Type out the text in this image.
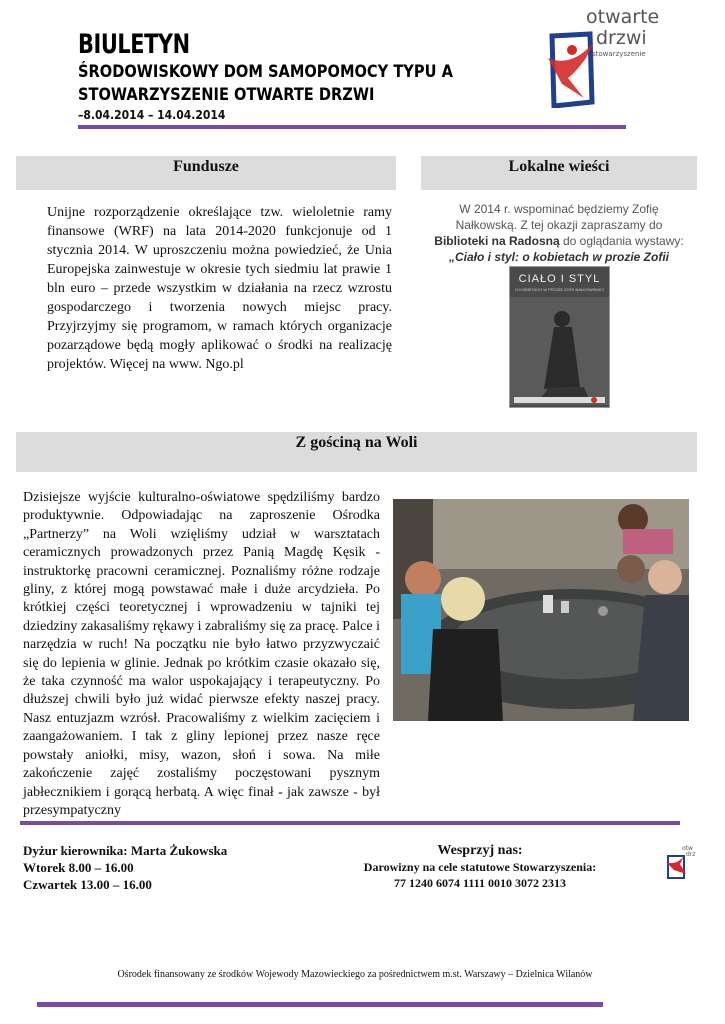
BIULETYN
ŚRODOWISKOWY DOM SAMOPOMOCY TYPU A
STOWARZYSZENIE OTWARTE DRZWI
–8.04.2014 – 14.04.2014
otwarte
drzwi
stowarzyszenie
Fundusze
Unijne rozporządzenie określające tzw. wieloletnie ramy finansowe (WRF) na lata 2014-2020 funkcjonuje od 1 stycznia 2014. W uproszczeniu można powiedzieć, że Unia Europejska zainwestuje w okresie tych siedmiu lat prawie 1 bln euro – przede wszystkim w działania na rzecz wzrostu gospodarczego i tworzenia nowych miejsc pracy. Przyjrzyjmy się programom, w ramach których organizacje pozarządowe będą mogły aplikować o środki na realizację projektów. Więcej na www. Ngo.pl
Lokalne wieści
W 2014 r. wspominać będziemy Zofię
Nałkowską. Z tej okazji zapraszamy do
Biblioteki na Radosną do oglądania wystawy:
„Ciało i styl: o kobietach w prozie Zofii
CIAŁO I STYL
O KOBIETACH W PROZIE ZOFII NAŁKOWSKIEJ
Z gościną na Woli
Dzisiejsze wyjście kulturalno-oświatowe spędziliśmy bardzo produktywnie. Odpowiadając na zaproszenie Ośrodka „Partnerzy” na Woli wzięliśmy udział w warsztatach ceramicznych prowadzonych przez Panią Magdę Kęsik - instruktorkę pracowni ceramicznej. Poznaliśmy różne rodzaje gliny, z której mogą powstawać małe i duże arcydzieła. Po krótkiej części teoretycznej i wprowadzeniu w tajniki tej dziedziny zakasaliśmy rękawy i zabraliśmy się za pracę. Palce i narzędzia w ruch! Na początku nie było łatwo przyzwyczaić się do lepienia w glinie. Jednak po krótkim czasie okazało się, że taka czynność ma walor uspokajający i terapeutyczny. Po dłuższej chwili było już widać pierwsze efekty naszej pracy. Nasz entuzjazm wzrósł. Pracowaliśmy z wielkim zacięciem i zaangażowaniem. I tak z gliny lepionej przez nasze ręce powstały aniołki, misy, wazon, słoń i sowa. Na miłe zakończenie zajęć zostaliśmy poczęstowani pysznym jabłecznikiem i gorącą herbatą. A więc finał - jak zawsze - był przesympatyczny
Dyżur kierownika: Marta Żukowska
Wtorek 8.00 – 16.00
Czwartek 13.00 – 16.00
Wesprzyj nas:
Darowizny na cele statutowe Stowarzyszenia:
77 1240 6074 1111 0010 3072 2313
otw
drz
Ośrodek finansowany ze środków Wojewody Mazowieckiego za pośrednictwem m.st. Warszawy – Dzielnica Wilanów
